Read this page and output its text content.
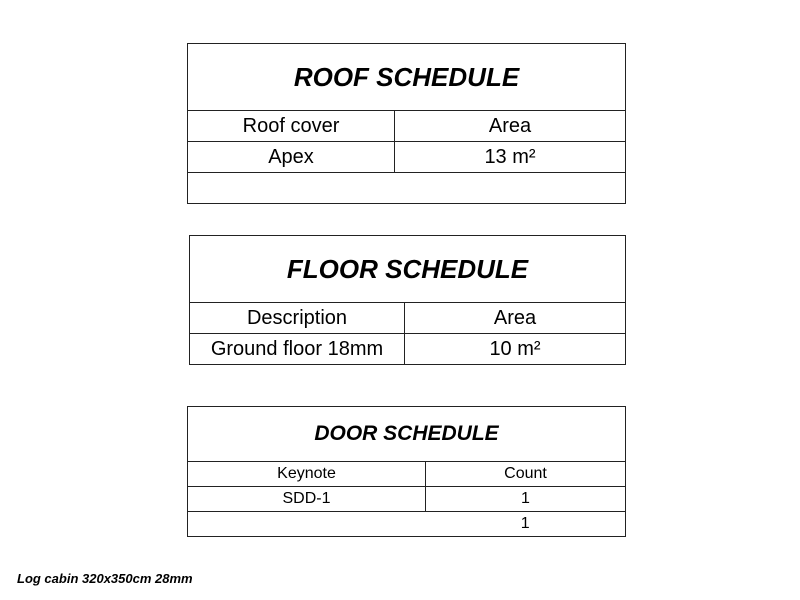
ROOF SCHEDULE	
Roof cover	Area
Apex	13 m²

FLOOR SCHEDULE	
Description	Area
Ground floor 18mm	10 m²
DOOR SCHEDULE	
Keynote	Count
SDD-1	1
	1
Log cabin 320x350cm 28mm
